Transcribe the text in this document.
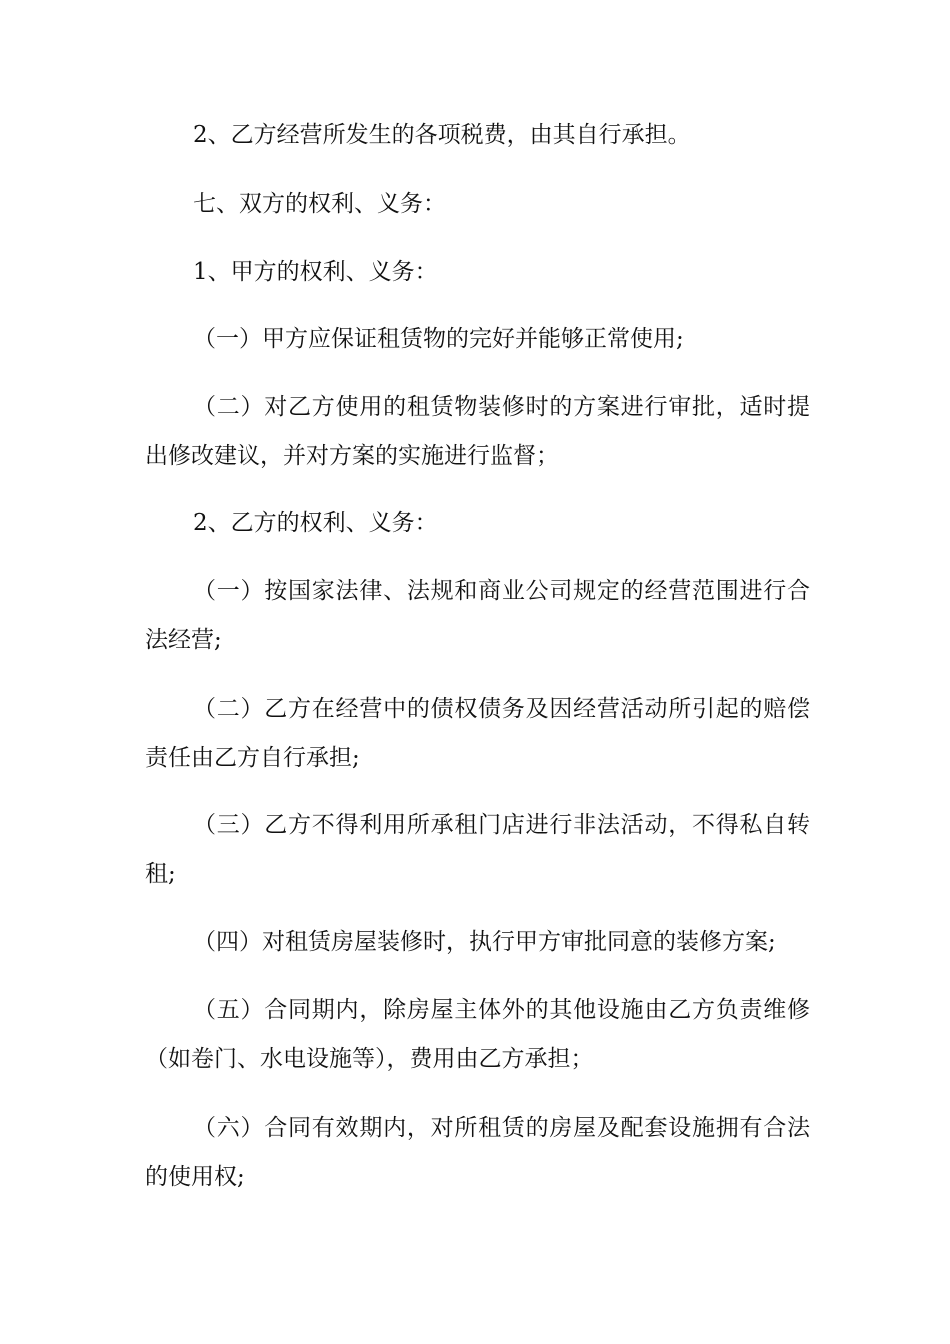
2、乙方经营所发生的各项税费，由其自行承担。

七、双方的权利、义务：

1、甲方的权利、义务：

（一）甲方应保证租赁物的完好并能够正常使用;

（二）对乙方使用的租赁物装修时的方案进行审批，适时提出修改建议，并对方案的实施进行监督；

2、乙方的权利、义务：

（一）按国家法律、法规和商业公司规定的经营范围进行合法经营;

（二）乙方在经营中的债权债务及因经营活动所引起的赔偿责任由乙方自行承担;

（三）乙方不得利用所承租门店进行非法活动，不得私自转租;

（四）对租赁房屋装修时，执行甲方审批同意的装修方案;

（五）合同期内，除房屋主体外的其他设施由乙方负责维修（如卷门、水电设施等），费用由乙方承担；

（六）合同有效期内，对所租赁的房屋及配套设施拥有合法的使用权;
